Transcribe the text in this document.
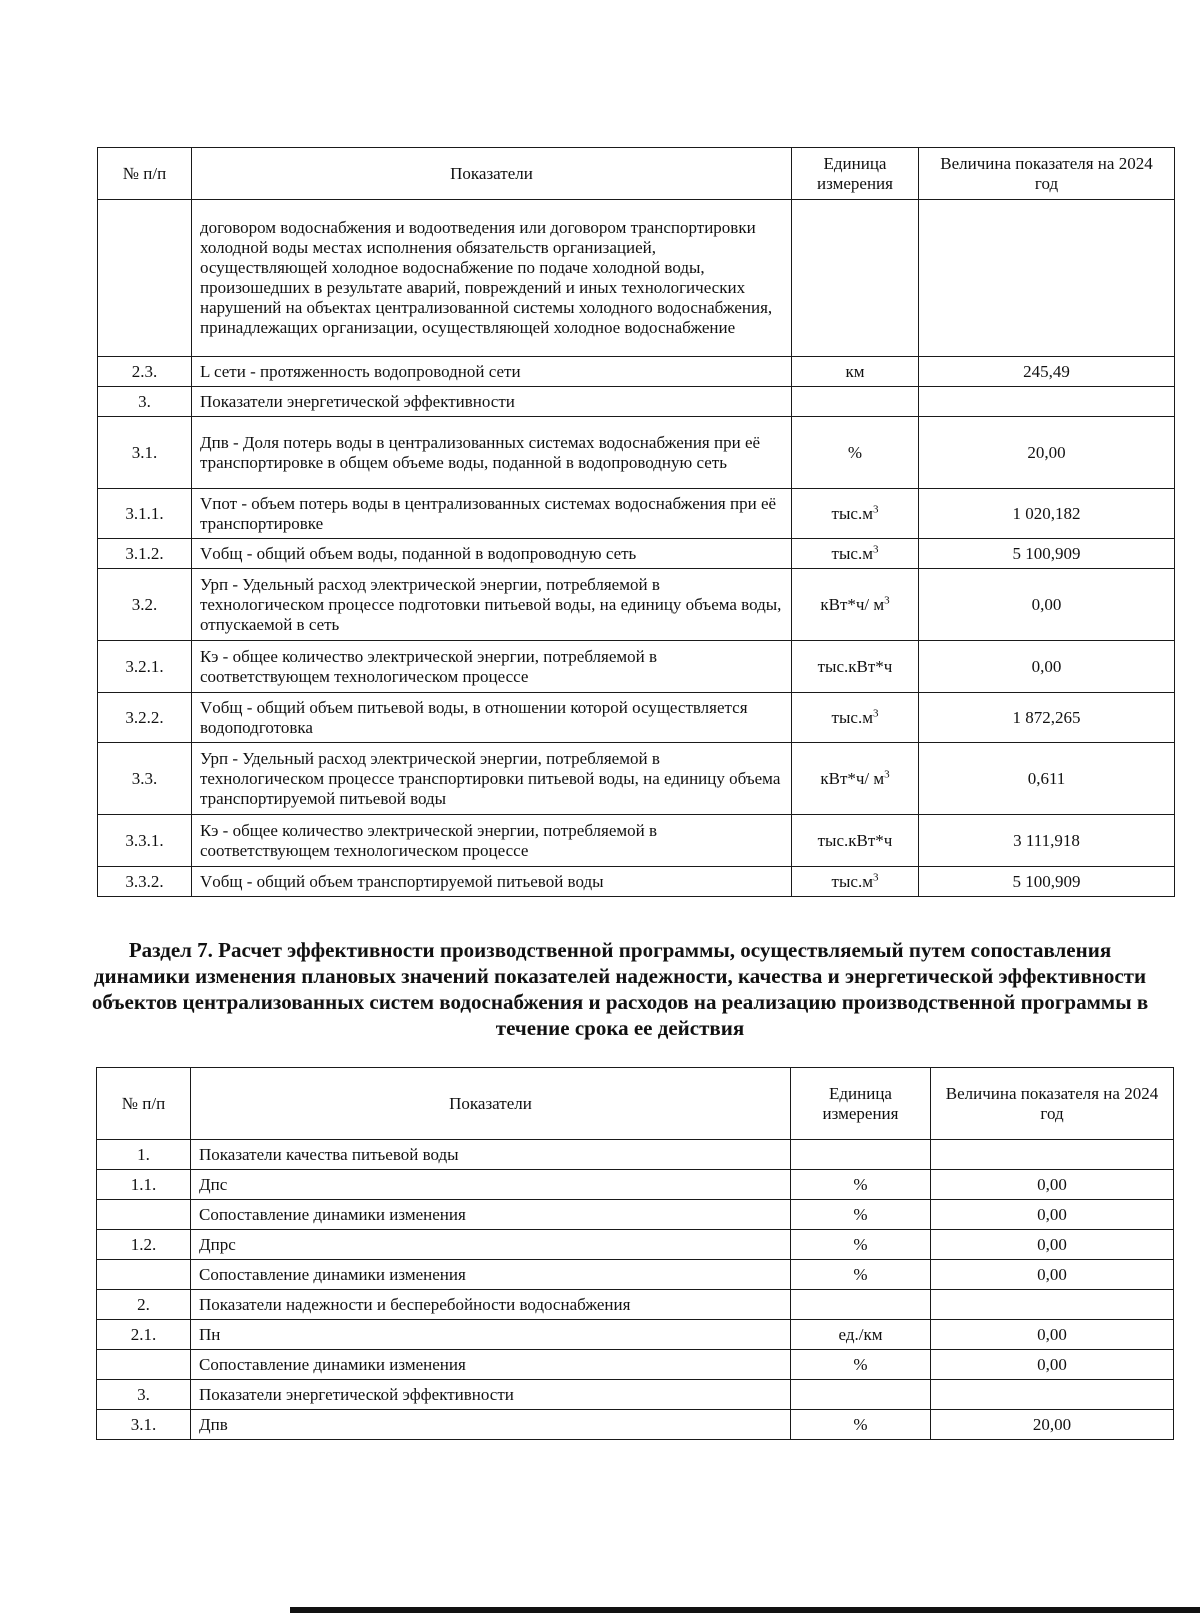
№ п/п	Показатели	Единица измерения	Величина показателя на 2024 год
	договором водоснабжения и водоотведения или договором транспортировки холодной воды местах исполнения обязательств организацией, осуществляющей холодное водоснабжение по подаче холодной воды, произошедших в результате аварий, повреждений и иных технологических нарушений на объектах централизованной системы холодного водоснабжения, принадлежащих организации, осуществляющей холодное водоснабжение		
2.3.	L сети - протяженность водопроводной сети	км	245,49
3.	Показатели энергетической эффективности		
3.1.	Дпв - Доля потерь воды в централизованных системах водоснабжения при её транспортировке в общем объеме воды, поданной в водопроводную сеть	%	20,00
3.1.1.	Vпот - объем потерь воды в централизованных системах водоснабжения при её транспортировке	$тыс.м^3$	1 020,182
3.1.2.	Vобщ - общий объем воды, поданной в водопроводную сеть	$тыс.м^3$	5 100,909
3.2.	Урп - Удельный расход электрической энергии, потребляемой в технологическом процессе подготовки питьевой воды, на единицу объема воды, отпускаемой в сеть	кВт*ч/ $м^3$	0,00
3.2.1.	Кэ - общее количество электрической энергии, потребляемой в соответствующем технологическом процессе	тыс.кВт*ч	0,00
3.2.2.	Vобщ - общий объем питьевой воды, в отношении которой осуществляется водоподготовка	$тыс.м^3$	1 872,265
3.3.	Урп - Удельный расход электрической энергии, потребляемой в технологическом процессе транспортировки питьевой воды, на единицу объема транспортируемой питьевой воды	кВт*ч/ $м^3$	0,611
3.3.1.	Кэ - общее количество электрической энергии, потребляемой в соответствующем технологическом процессе	тыс.кВт*ч	3 111,918
3.3.2.	Vобщ - общий объем транспортируемой питьевой воды	$тыс.м^3$	5 100,909
Раздел 7. Расчет эффективности производственной программы, осуществляемый путем сопоставления динамики изменения плановых значений показателей надежности, качества и энергетической эффективности объектов централизованных систем водоснабжения и расходов на реализацию производственной программы в течение срока ее действия
№ п/п	Показатели	Единица измерения	Величина показателя на 2024 год
1.	Показатели качества питьевой воды		
1.1.	Дпс	%	0,00
	Сопоставление динамики изменения	%	0,00
1.2.	Дпрс	%	0,00
	Сопоставление динамики изменения	%	0,00
2.	Показатели надежности и бесперебойности водоснабжения		
2.1.	Пн	ед./км	0,00
	Сопоставление динамики изменения	%	0,00
3.	Показатели энергетической эффективности		
3.1.	Дпв	%	20,00
